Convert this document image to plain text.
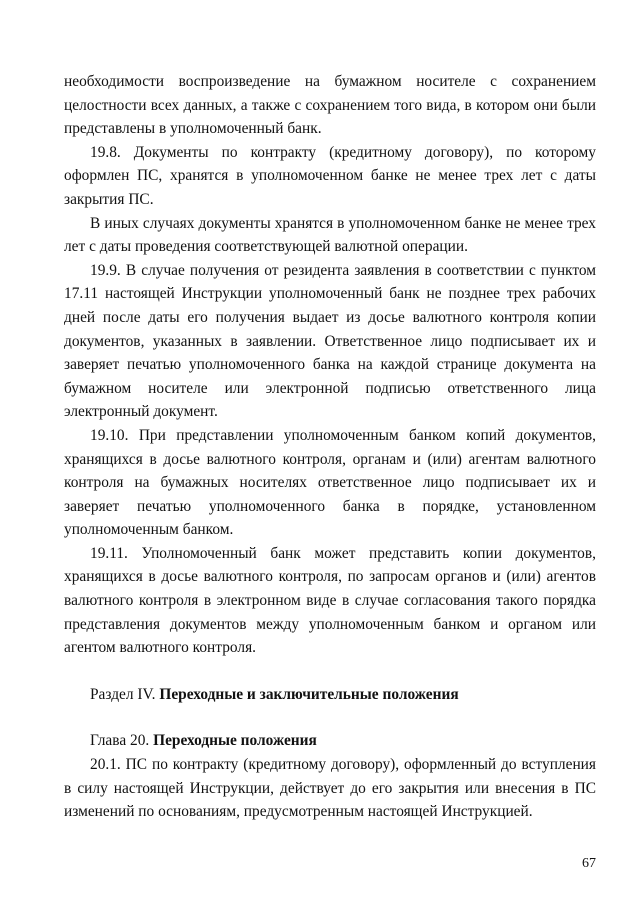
необходимости воспроизведение на бумажном носителе с сохранением целостности всех данных, а также с сохранением того вида, в котором они были представлены в уполномоченный банк.

19.8. Документы по контракту (кредитному договору), по которому оформлен ПС, хранятся в уполномоченном банке не менее трех лет с даты закрытия ПС.

В иных случаях документы хранятся в уполномоченном банке не менее трех лет с даты проведения соответствующей валютной операции.

19.9. В случае получения от резидента заявления в соответствии с пунктом 17.11 настоящей Инструкции уполномоченный банк не позднее трех рабочих дней после даты его получения выдает из досье валютного контроля копии документов, указанных в заявлении. Ответственное лицо подписывает их и заверяет печатью уполномоченного банка на каждой странице документа на бумажном носителе или электронной подписью ответственного лица электронный документ.

19.10. При представлении уполномоченным банком копий документов, хранящихся в досье валютного контроля, органам и (или) агентам валютного контроля на бумажных носителях ответственное лицо подписывает их и заверяет печатью уполномоченного банка в порядке, установленном уполномоченным банком.

19.11. Уполномоченный банк может представить копии документов, хранящихся в досье валютного контроля, по запросам органов и (или) агентов валютного контроля в электронном виде в случае согласования такого порядка представления документов между уполномоченным банком и органом или агентом валютного контроля.

Раздел IV. Переходные и заключительные положения

Глава 20. Переходные положения

20.1. ПС по контракту (кредитному договору), оформленный до вступления в силу настоящей Инструкции, действует до его закрытия или внесения в ПС изменений по основаниям, предусмотренным настоящей Инструкцией.

67
